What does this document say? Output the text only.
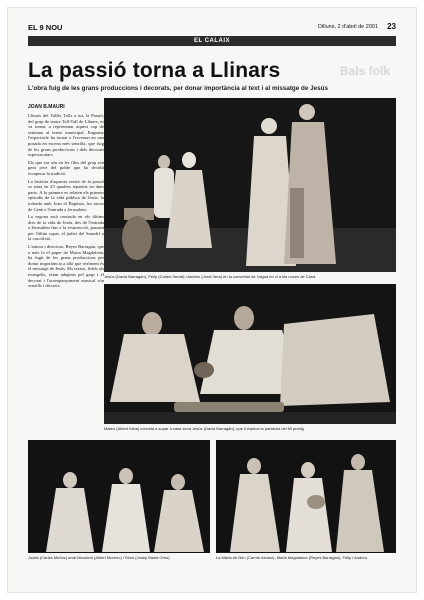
EL 9 NOU	Dilluns, 2 d'abril de 2001 23
EL CALAIX
La passió torna a Llinars	Bals folk
L'obra fuig de les grans produccions i decorats, per donar importància al text i al missatge de Jesús
JOAN B.MAURI

Llinars del Vallès Tolls a mi, la Passió, del grup de teatre Tall-Tall de Llinars, es va tornar a representar aquest cap de setmana al teatre municipal. Enguany l'espectacle ha tornat a l'escenari en una posada en escena més senzilla, que fuig de les grans produccions i dels decorats espectaculars.

Els que ara són en les files del grup són gent jove del poble que ha decidit recuperar la tradició.

La història d'aquesta versió de la passió se situa en 25 quadres repartits en dues parts. A la primera es relaten els primers episodis de la vida pública de Jesús: la trobada amb Joan el Baptista, les noces de Canà o l'entrada a Jerusalem.

La segona està centrada en els últims dies de la vida de Jesús, des de l'entrada a Jerusalem fins a la resurrecció, passant per l'últim sopar, el judici del Sanedrí o la crucifixió.

L'autora i directora, Reyes Barragan, que a més fa el paper de Maria Magdalena, ha fugit de les grans produccions per donar importància a allò que realment és el missatge de Jesús. Els textos, fidels als evangelis, estan adaptats pel grup i el decorat i l'acompanyament musical són senzills i discrets.

Jesús (David Barragán), Pellp (Carles Serrat) i Andreu (Jordi Vera) en la conversió de l'aigua en vi a les noces de Canà
Mateu (Albert Iniba) convida a sopar a casa seva Jesús (David Barragán), que li explica la paràbola del fill pròdig
Judes (Carles Muñoz) amb Nicodem (Albert Moreno) i Simó (Josep Maria Orrio)	La Maria de Déu (Carme Alonso), Maria Magdalena (Reyes Barragán), Felip i Andreu
